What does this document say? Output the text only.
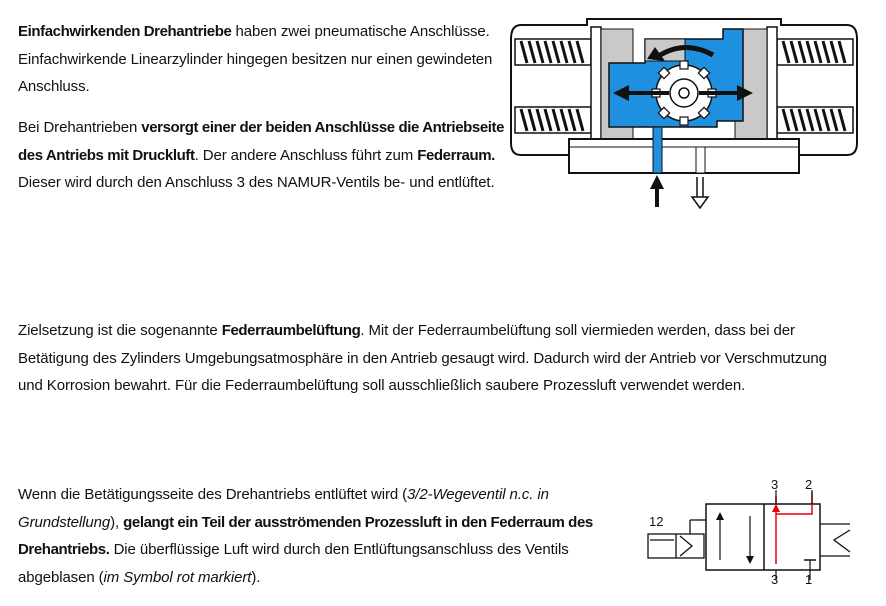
Einfachwirkenden Drehantriebe haben zwei pneumatische Anschlüsse. Einfachwirkende Linearzylinder hingegen besitzen nur einen gewindeten Anschluss.
Bei Drehantrieben versorgt einer der beiden Anschlüsse die Antriebseite des Antriebs mit Druckluft. Der andere Anschluss führt zum Federraum. Dieser wird durch den Anschluss 3 des NAMUR-Ventils be- und entlüftet.
Zielsetzung ist die sogenannte Federraumbelüftung. Mit der Federraumbelüftung soll viermieden werden, dass bei der Betätigung des Zylinders Umgebungsatmosphäre in den Antrieb gesaugt wird. Dadurch wird der Antrieb vor Verschmutzung und Korrosion bewahrt. Für die Federraumbelüftung soll ausschließlich saubere Prozessluft verwendet werden.
Wenn die Betätigungsseite des Drehantriebs entlüftet wird (3/2-Wegeventil n.c. in Grundstellung), gelangt ein Teil der ausströmenden Prozessluft in den Federraum des Drehantriebs. Die überflüssige Luft wird durch den Entlüftungsanschluss des Ventils abgeblasen (im Symbol rot markiert).
12
3 2
3 1
